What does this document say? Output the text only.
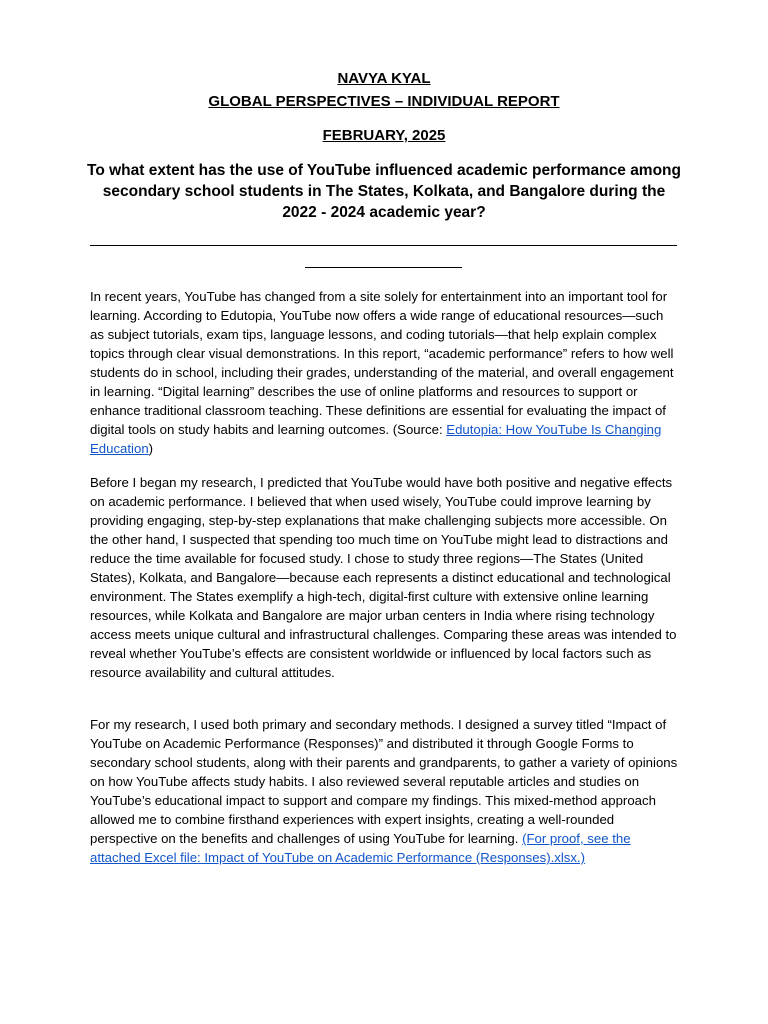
NAVYA KYAL
GLOBAL PERSPECTIVES – INDIVIDUAL REPORT
FEBRUARY, 2025
To what extent has the use of YouTube influenced academic performance among secondary school students in The States, Kolkata, and Bangalore during the 2022 - 2024 academic year?

In recent years, YouTube has changed from a site solely for entertainment into an important tool for learning. According to Edutopia, YouTube now offers a wide range of educational resources—such as subject tutorials, exam tips, language lessons, and coding tutorials—that help explain complex topics through clear visual demonstrations. In this report, “academic performance” refers to how well students do in school, including their grades, understanding of the material, and overall engagement in learning. “Digital learning” describes the use of online platforms and resources to support or enhance traditional classroom teaching. These definitions are essential for evaluating the impact of digital tools on study habits and learning outcomes. (Source: Edutopia: How YouTube Is Changing Education)

Before I began my research, I predicted that YouTube would have both positive and negative effects on academic performance. I believed that when used wisely, YouTube could improve learning by providing engaging, step-by-step explanations that make challenging subjects more accessible. On the other hand, I suspected that spending too much time on YouTube might lead to distractions and reduce the time available for focused study. I chose to study three regions—The States (United States), Kolkata, and Bangalore—because each represents a distinct educational and technological environment. The States exemplify a high-tech, digital-first culture with extensive online learning resources, while Kolkata and Bangalore are major urban centers in India where rising technology access meets unique cultural and infrastructural challenges. Comparing these areas was intended to reveal whether YouTube’s effects are consistent worldwide or influenced by local factors such as resource availability and cultural attitudes.

For my research, I used both primary and secondary methods. I designed a survey titled “Impact of YouTube on Academic Performance (Responses)” and distributed it through Google Forms to secondary school students, along with their parents and grandparents, to gather a variety of opinions on how YouTube affects study habits. I also reviewed several reputable articles and studies on YouTube’s educational impact to support and compare my findings. This mixed-method approach allowed me to combine firsthand experiences with expert insights, creating a well-rounded perspective on the benefits and challenges of using YouTube for learning. (For proof, see the attached Excel file: Impact of YouTube on Academic Performance (Responses).xlsx.)
